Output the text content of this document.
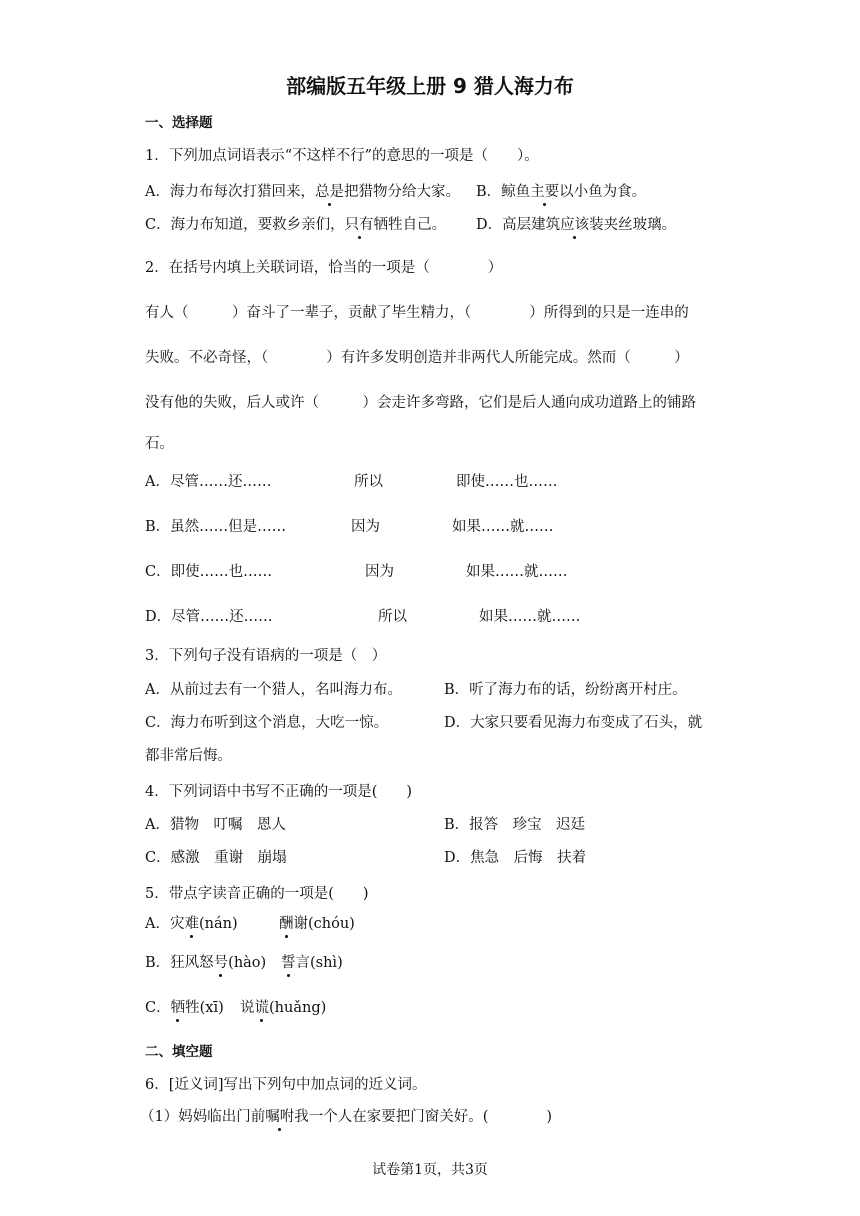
部编版五年级上册 9 猎人海力布
一、选择题
1．下列加点词语表示“不这样不行”的意思的一项是（　　）。
A．海力布每次打猎回来，总是把猎物分给大家。 B．鲸鱼主要以小鱼为食。
C．海力布知道，要救乡亲们，只有牺牲自己。 D．高层建筑应该装夹丝玻璃。
2．在括号内填上关联词语，恰当的一项是（　　　　）
有人（　　　）奋斗了一辈子，贡献了毕生精力，（　　　　）所得到的只是一连串的
失败。不必奇怪，（　　　　）有许多发明创造并非两代人所能完成。然而（　　　）
没有他的失败，后人或许（　　　）会走许多弯路，它们是后人通向成功道路上的铺路
石。
A．尽管……还……	所以	即使……也……
B．虽然……但是……	因为	如果……就……
C．即使……也……	因为	如果……就……
D．尽管……还……	所以	如果……就……
3．下列句子没有语病的一项是（　）
A．从前过去有一个猎人，名叫海力布。	B．听了海力布的话，纷纷离开村庄。
C．海力布听到这个消息，大吃一惊。	D．大家只要看见海力布变成了石头，就
都非常后悔。
4．下列词语中书写不正确的一项是(　　)
A．猎物　叮嘱　恩人	B．报答　珍宝　迟廷
C．感激　重谢　崩塌	D．焦急　后悔　扶着
5．带点字读音正确的一项是(　　)
A．灾难(nán)	酬谢(chóu)
B．狂风怒号(hào) 誓言(shì)
C．牺牲(xī) 说谎(huǎng)
二、填空题
6．[近义词]写出下列句中加点词的近义词。
（1）妈妈临出门前嘱咐我一个人在家要把门窗关好。(　　　　)
试卷第1页，共3页
